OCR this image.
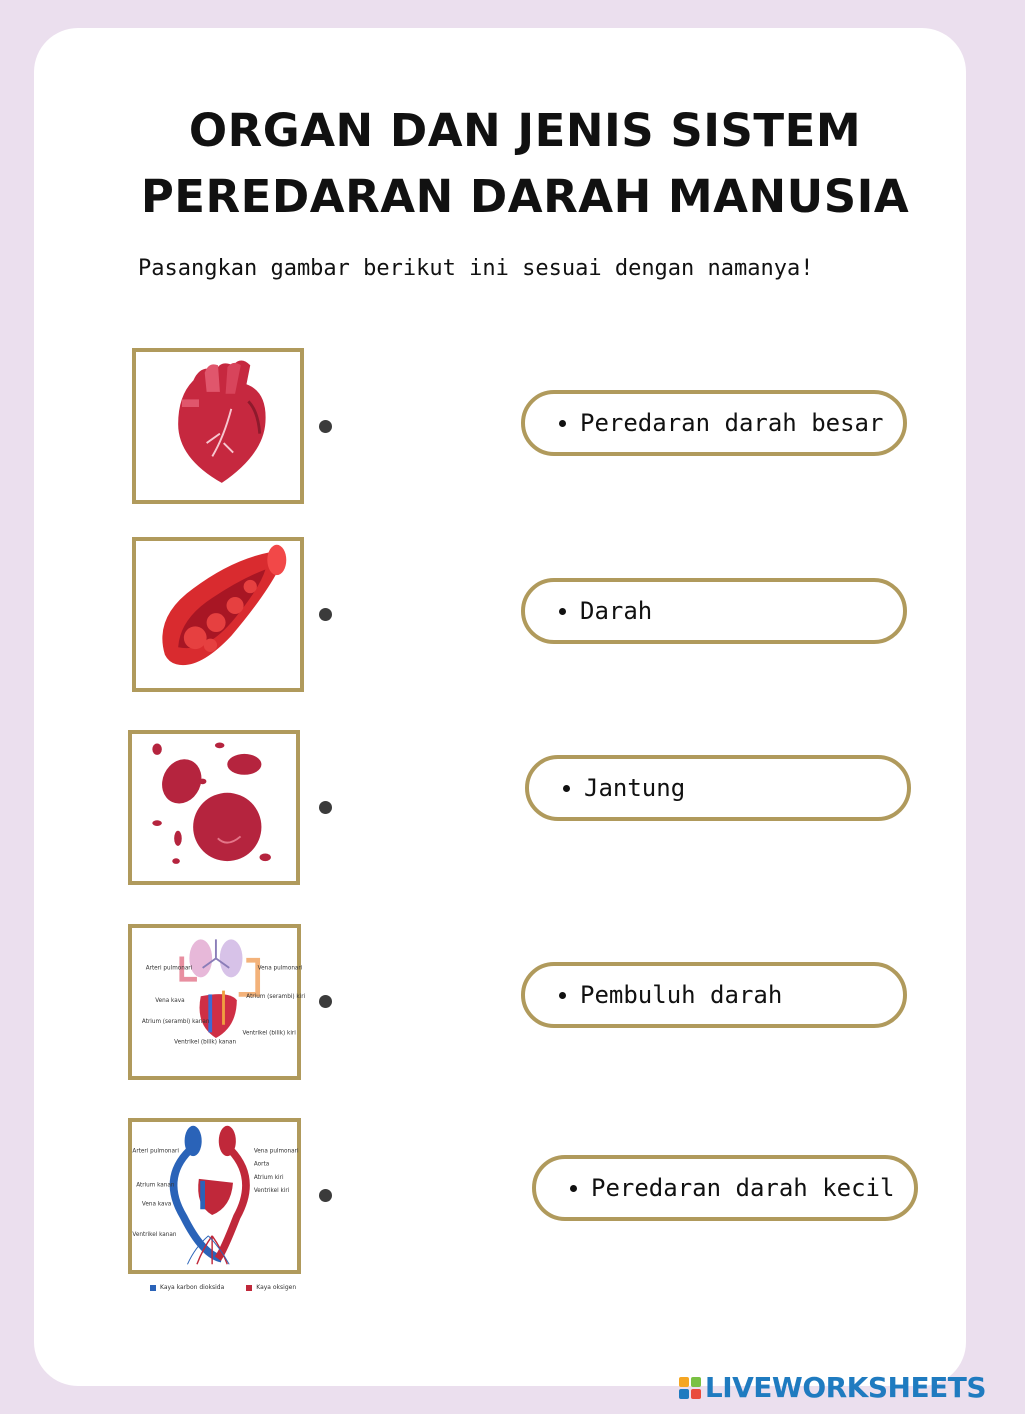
ORGAN DAN JENIS SISTEM
PEREDARAN DARAH MANUSIA

Pasangkan gambar berikut ini sesuai dengan namanya!

Arteri pulmonari	Vena pulmonari
Vena kava
Atrium (serambi) kiri
Atrium (serambi) kanan
Ventrikel (bilik) kiri
Ventrikel (bilik) kanan
Arteri pulmonari	Vena pulmonari
Atrium kanan
Atrium kiri
Vena kava
Ventrikel kiri
Ventrikel kanan
Aorta
Kaya karbon dioksida	Kaya oksigen
Peredaran darah besar
Darah
Jantung
Pembuluh darah
Peredaran darah kecil
LIVEWORKSHEETS
